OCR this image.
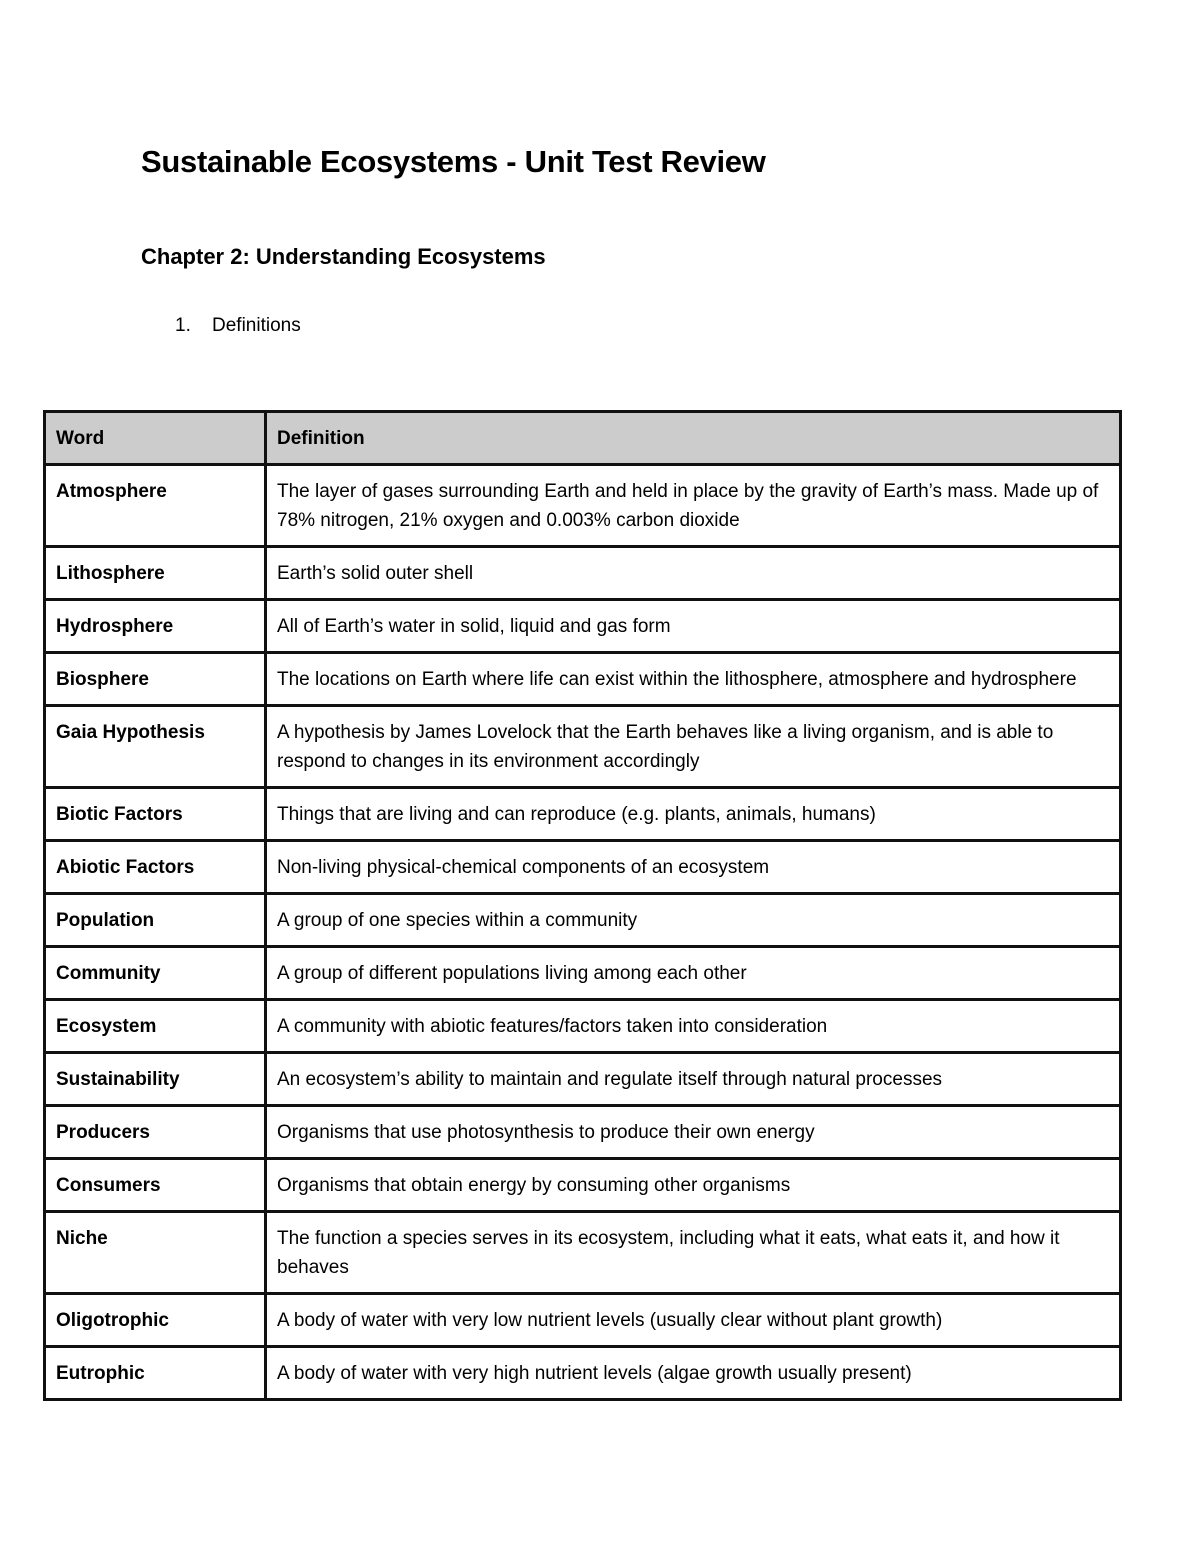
Sustainable Ecosystems - Unit Test Review
Chapter 2: Understanding Ecosystems
1.	Definitions
Word	Definition
Atmosphere	The layer of gases surrounding Earth and held in place by the gravity of Earth’s mass. Made up of 78% nitrogen, 21% oxygen and 0.003% carbon dioxide
Lithosphere	Earth’s solid outer shell
Hydrosphere	All of Earth’s water in solid, liquid and gas form
Biosphere	The locations on Earth where life can exist within the lithosphere, atmosphere and hydrosphere
Gaia Hypothesis	A hypothesis by James Lovelock that the Earth behaves like a living organism, and is able to respond to changes in its environment accordingly
Biotic Factors	Things that are living and can reproduce (e.g. plants, animals, humans)
Abiotic Factors	Non-living physical-chemical components of an ecosystem
Population	A group of one species within a community
Community	A group of different populations living among each other
Ecosystem	A community with abiotic features/factors taken into consideration
Sustainability	An ecosystem’s ability to maintain and regulate itself through natural processes
Producers	Organisms that use photosynthesis to produce their own energy
Consumers	Organisms that obtain energy by consuming other organisms
Niche	The function a species serves in its ecosystem, including what it eats, what eats it, and how it behaves
Oligotrophic	A body of water with very low nutrient levels (usually clear without plant growth)
Eutrophic	A body of water with very high nutrient levels (algae growth usually present)
